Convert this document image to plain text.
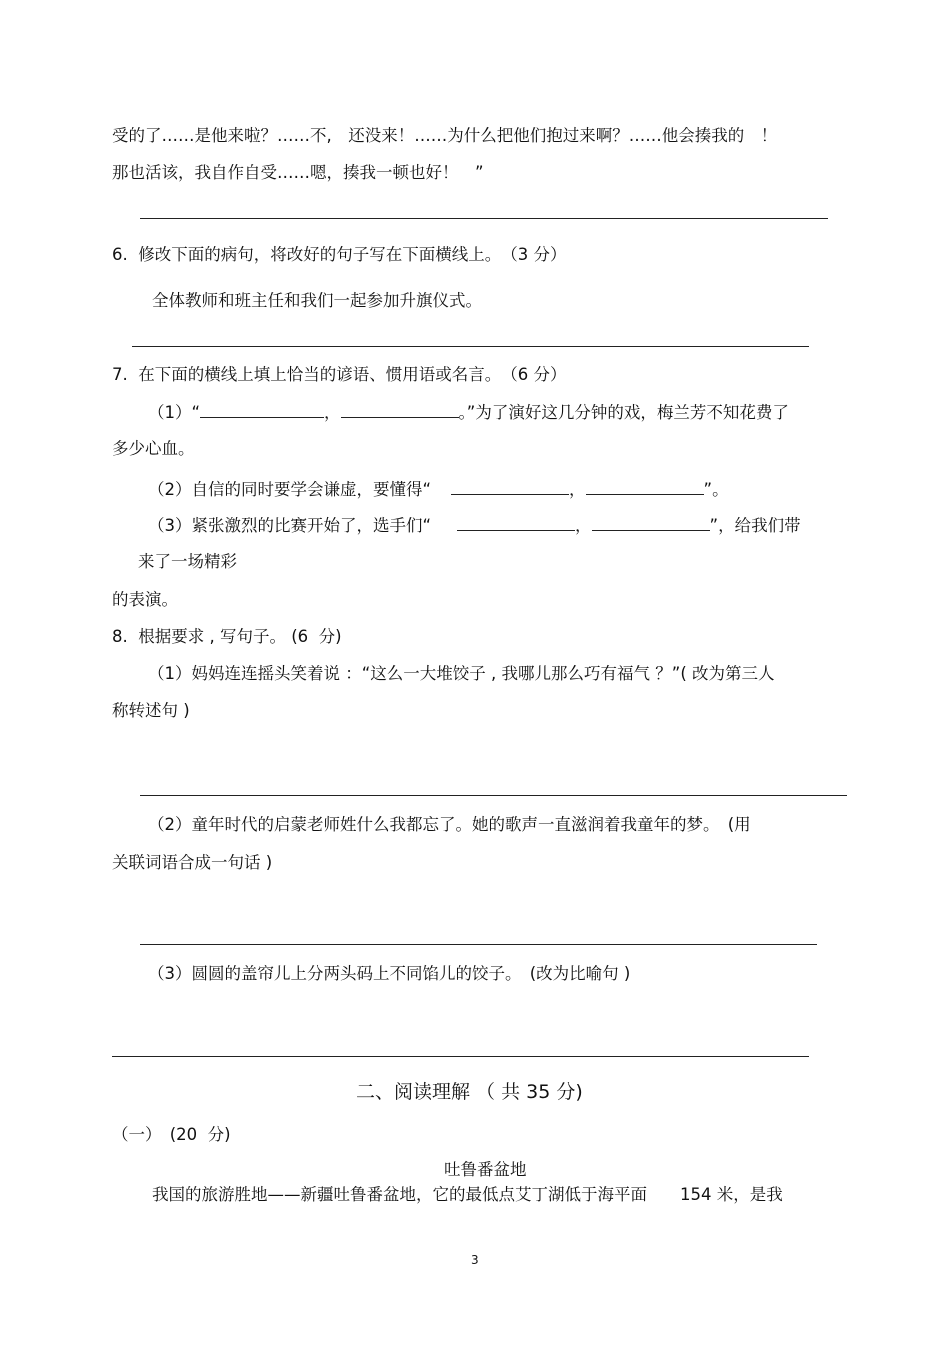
受的了……是他来啦？……不,　还没来！……为什么把他们抱过来啊？……他会揍我的　！
那也活该，我自作自受……嗯，揍我一顿也好！　”
6.  修改下面的病句，将改好的句子写在下面横线上。　（3 分）
全体教师和班主任和我们一起参加升旗仪式。
7.  在下面的横线上填上恰当的谚语、惯用语或名言。　（6 分）
（1）“	，	。”为了演好这几分钟的戏，梅兰芳不知花费了
多少心血。
（2）自信的同时要学会谦虚，要懂得“	，	”。
（3）紧张激烈的比赛开始了，选手们“	，	”，给我们带
来了一场精彩
的表演。
8.  根据要求 , 写句子。 (6  分)
（1）妈妈连连摇头笑着说 ：“这么一大堆饺子 , 我哪儿那么巧有福气 ？”( 改为第三人
称转述句 )
（2）童年时代的启蒙老师姓什么我都忘了。她的歌声一直滋润着我童年的梦。　(用
关联词语合成一句话 )
（3）圆圆的盖帘儿上分两头码上不同馅儿的饺子。　(改为比喻句 )
二、阅读理解 （ 共 35 分)
（一）　(20  分)
吐鲁番盆地
我国的旅游胜地——新疆吐鲁番盆地，它的最低点艾丁湖低于海平面　　154 米，是我
3
